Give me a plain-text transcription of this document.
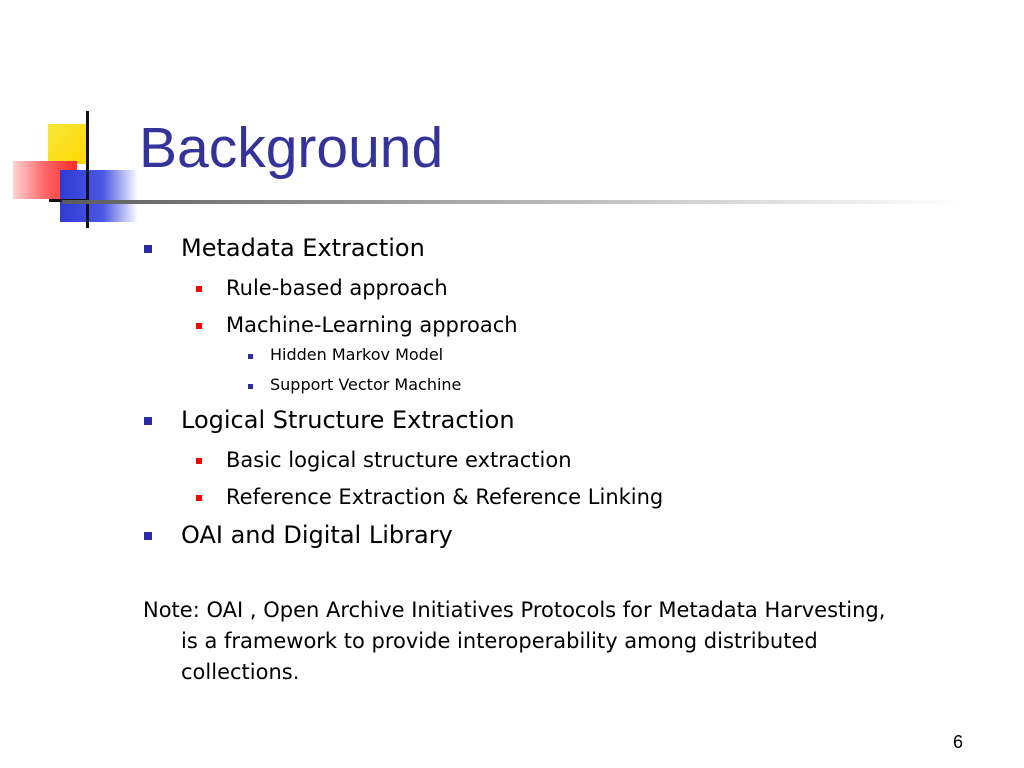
Background
Metadata Extraction
Rule-based approach
Machine-Learning approach
Hidden Markov Model
Support Vector Machine
Logical Structure Extraction
Basic logical structure extraction
Reference Extraction & Reference Linking
OAI and Digital Library
Note: OAI , Open Archive Initiatives Protocols for Metadata Harvesting,
is a framework to provide interoperability among distributed
collections.
6
